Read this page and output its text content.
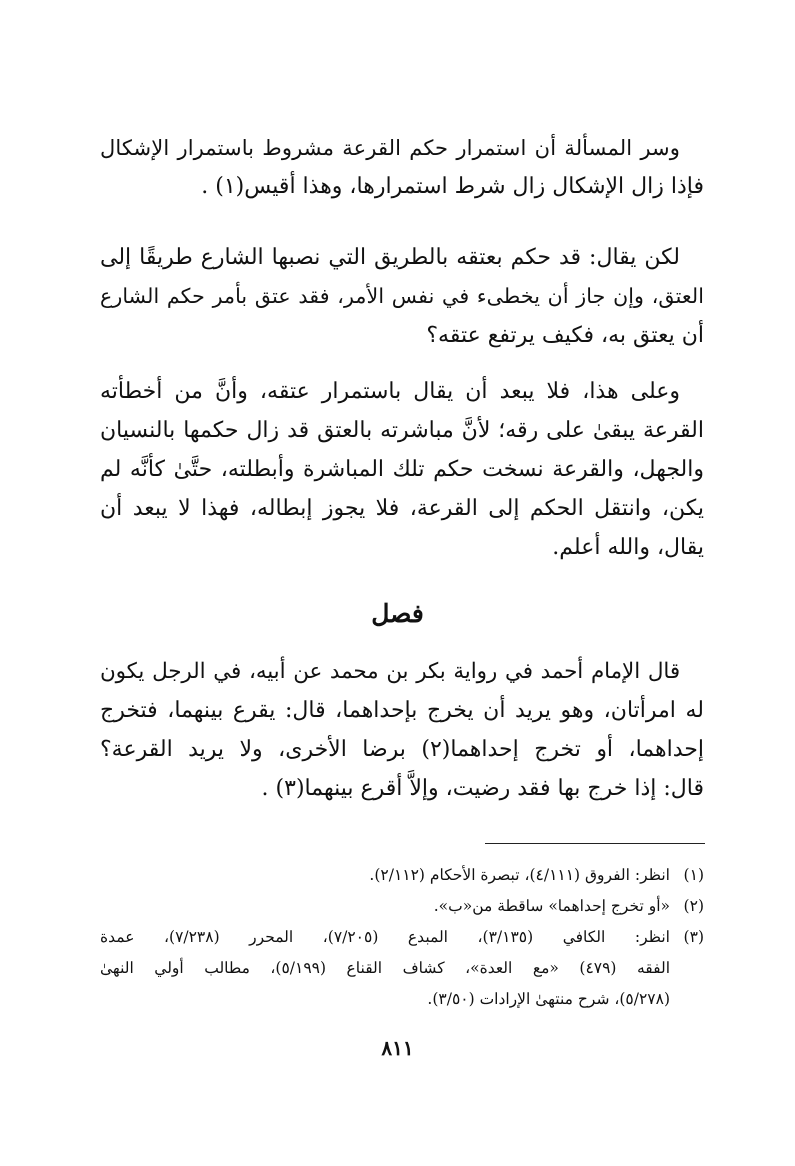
وسر المسألة أن استمرار حكم القرعة مشروط باستمرار الإشكال
فإذا زال الإشكال زال شرط استمرارها، وهذا أقيس(١) .

لكن يقال: قد حكم بعتقه بالطريق التي نصبها الشارع طريقًا إلى
العتق، وإن جاز أن يخطىء في نفس الأمر، فقد عتق بأمر حكم الشارع
أن يعتق به، فكيف يرتفع عتقه؟

وعلى هذا، فلا يبعد أن يقال باستمرار عتقه، وأنَّ من أخطأته
القرعة يبقىٰ على رقه؛ لأنَّ مباشرته بالعتق قد زال حكمها بالنسيان
والجهل، والقرعة نسخت حكم تلك المباشرة وأبطلته، حتَّىٰ كأنَّه لم
يكن، وانتقل الحكم إلى القرعة، فلا يجوز إبطاله، فهذا لا يبعد أن
يقال، والله أعلم.

فصل

قال الإمام أحمد في رواية بكر بن محمد عن أبيه، في الرجل يكون
له امرأتان، وهو يريد أن يخرج بإحداهما، قال: يقرع بينهما، فتخرج
إحداهما، أو تخرج إحداهما(٢) برضا الأخرى، ولا يريد القرعة؟
قال: إذا خرج بها فقد رضيت، وإلاَّ أقرع بينهما(٣) .

(١)
انظر: الفروق (٤/١١١)، تبصرة الأحكام (٢/١١٢).
(٢)
«أو تخرج إحداهما» ساقطة من«ب».
(٣)
انظر: الكافي (٣/١٣٥)، المبدع (٧/٢٠٥)، المحرر (٧/٢٣٨)، عمدة
الفقه (٤٧٩) «مع العدة»، كشاف القناع (٥/١٩٩)، مطالب أولي النهىٰ
(٥/٢٧٨)، شرح منتهىٰ الإرادات (٣/٥٠).
٨١١
